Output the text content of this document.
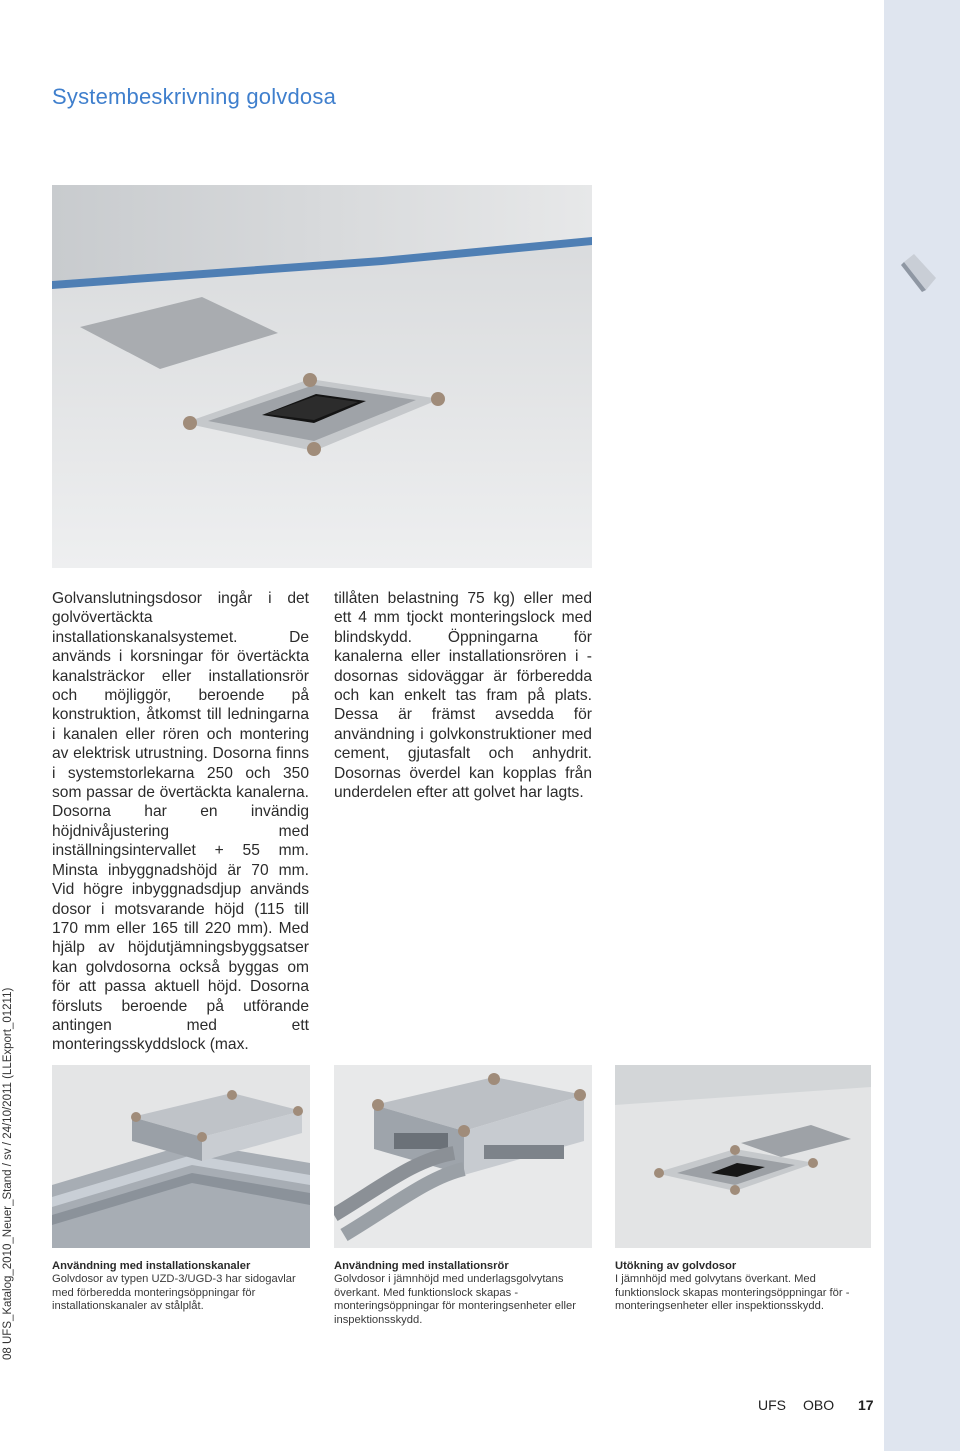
Systembeskrivning golvdosa

Golvanslutningsdosor ingår i det golvövertäckta installationskanalsystemet. De används i korsningar för övertäckta kanalsträckor eller installationsrör och möjliggör, beroende på konstruktion, åtkomst till ledningarna i kanalen eller rören och montering av elektrisk utrustning. Dosorna finns i systemstorlekarna 250 och 350 som passar de övertäckta kanalerna. Dosorna har en invändig höjdnivåjustering med inställningsintervallet + 55 mm. Minsta inbyggnadshöjd är 70 mm. Vid högre inbyggnadsdjup används dosor i motsvarande höjd (115 till 170 mm eller 165 till 220 mm). Med hjälp av höjdutjämningsbyggsatser kan golvdosorna också byggas om för att passa aktuell höjd. Dosorna försluts beroende på utförande antingen med ett monteringsskyddslock (max.

tillåten belastning 75 kg) eller med ett 4 mm tjockt monteringslock med blindskydd. Öppningarna för kanalerna eller installationsrören i - dosornas sidoväggar är förberedda och kan enkelt tas fram på plats. Dessa är främst avsedda för användning i golvkonstruktioner med cement, gjutasfalt och anhydrit. Dosornas överdel kan kopplas från underdelen efter att golvet har lagts.

Användning med installationskanaler
Golvdosor av typen UZD-3/UGD-3 har sidogavlar med förberedda monteringsöppningar för installationskanaler av stålplåt.
Användning med installationsrör
Golvdosor i jämnhöjd med underlagsgolvytans överkant. Med funktionslock skapas - monteringsöppningar för monteringsenheter eller inspektionsskydd.
Utökning av golvdosor
I jämnhöjd med golvytans överkant. Med funktionslock skapas monteringsöppningar för - monteringsenheter eller inspektionsskydd.
08 UFS_Katalog_2010_Neuer_Stand / sv / 24/10/2011 (LLExport_01211)
UFS OBO 17
